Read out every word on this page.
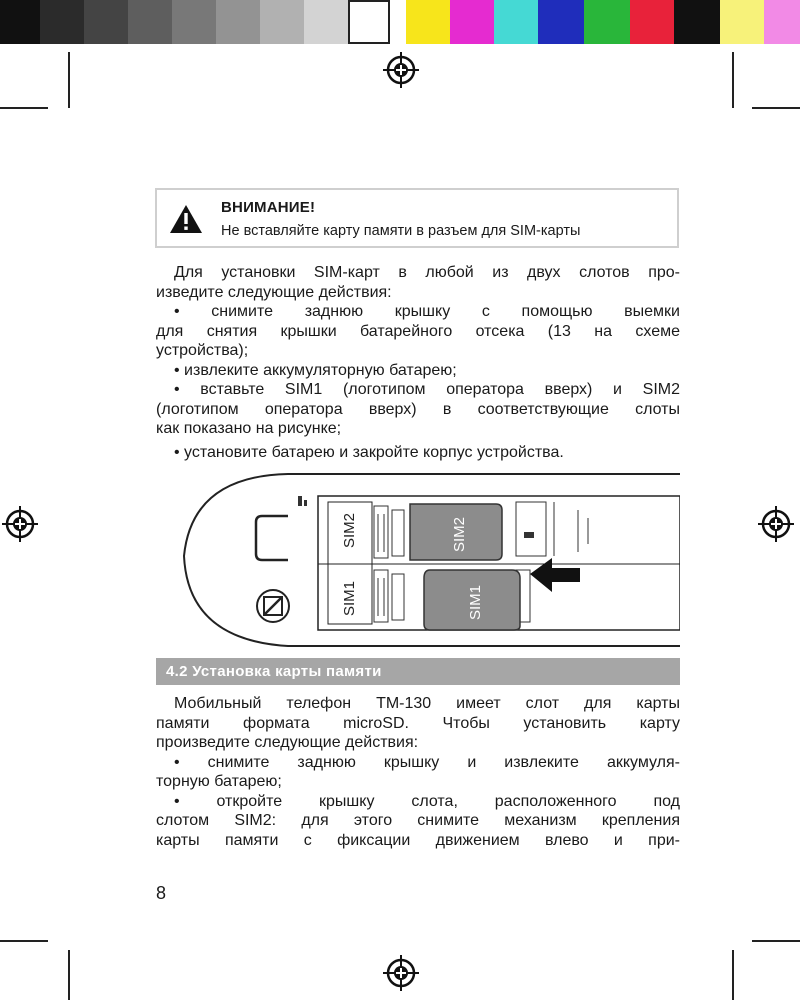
ВНИМАНИЕ!
Не вставляйте карту памяти в разъем для SIM-карты
Для установки SIM-карт в любой из двух слотов про-
изведите следующие действия:
• снимите заднюю крышку с помощью выемки
для снятия крышки батарейного отсека (13 на схеме
устройства);
• извлеките аккумуляторную батарею;
• вставьте SIM1 (логотипом оператора вверх) и SIM2
(логотипом оператора вверх) в соответствующие слоты
как показано на рисунке;
• установите батарею и закройте корпус устройства.
SIM2
SIM1
SIM2
SIM1
4.2 Установка карты памяти
Мобильный телефон TM-130 имеет слот для карты
памяти формата microSD. Чтобы установить карту
произведите следующие действия:
• снимите заднюю крышку и извлеките аккумуля-
торную батарею;
• откройте крышку слота, расположенного под
слотом SIM2: для этого снимите механизм крепления
карты памяти с фиксации движением влево и при-
8
